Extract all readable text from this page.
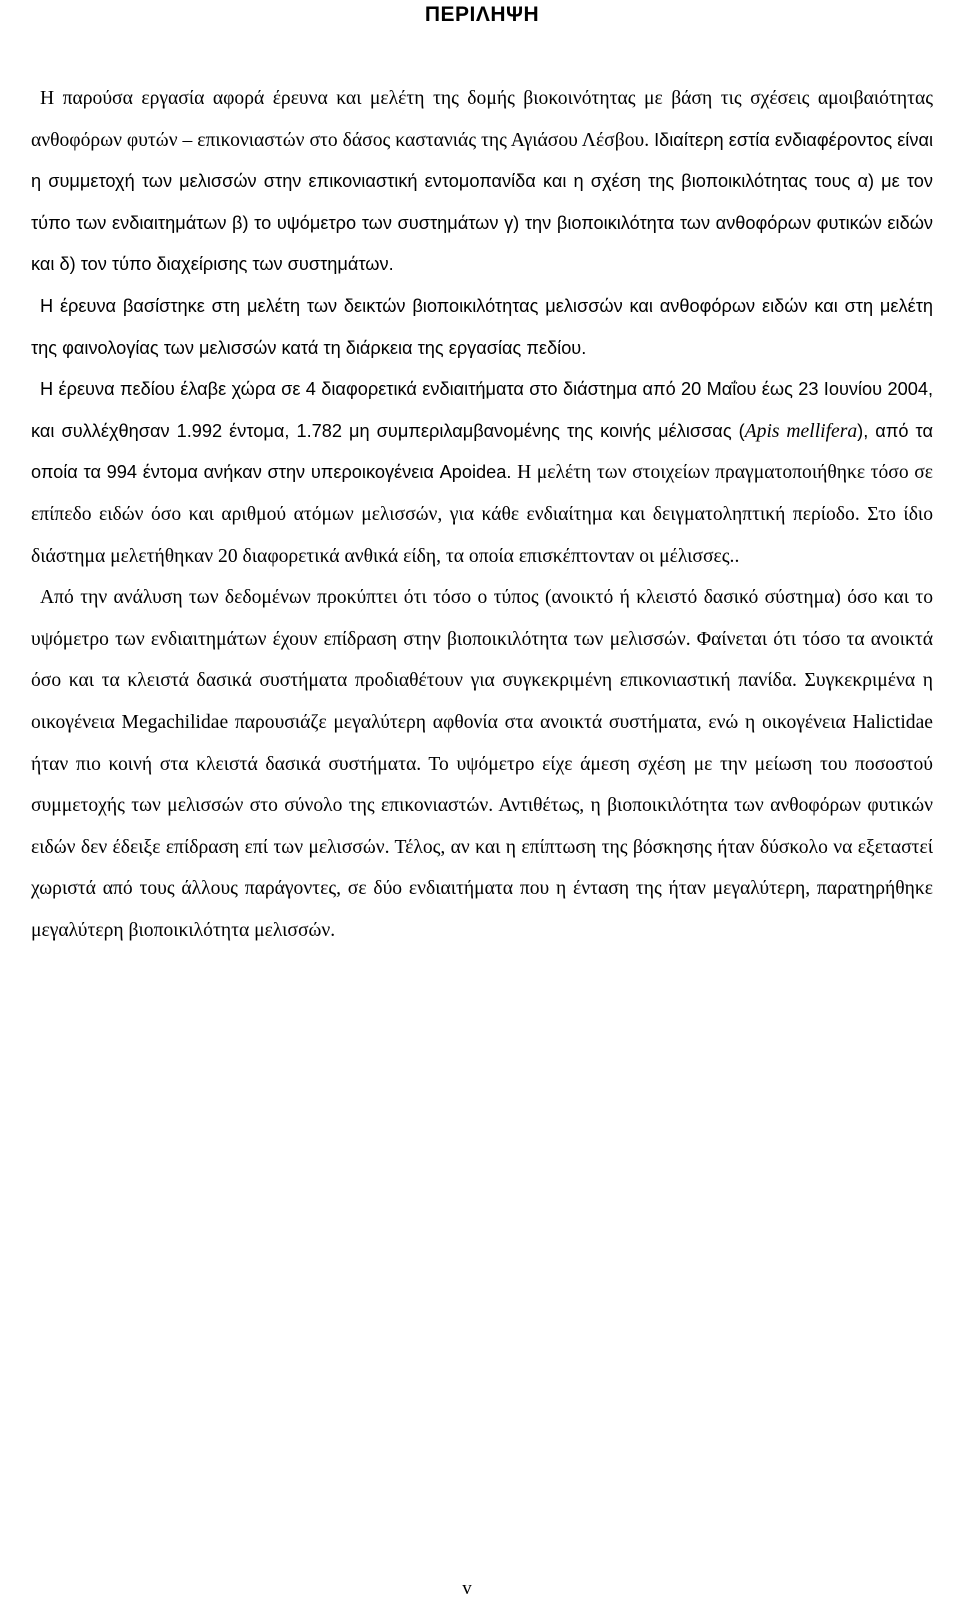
ΠΕΡΙΛΗΨΗ

Η παρούσα εργασία αφορά έρευνα και μελέτη της δομής βιοκοινότητας με βάση τις σχέσεις αμοιβαιότητας ανθοφόρων φυτών – επικονιαστών στο δάσος καστανιάς της Αγιάσου Λέσβου. Ιδιαίτερη εστία ενδιαφέροντος είναι η συμμετοχή των μελισσών στην επικονιαστική εντομοπανίδα και η σχέση της βιοποικιλότητας τους α) με τον τύπο των ενδιαιτημάτων β) το υψόμετρο των συστημάτων γ) την βιοποικιλότητα των ανθοφόρων φυτικών ειδών και δ) τον τύπο διαχείρισης των συστημάτων.

Η έρευνα βασίστηκε στη μελέτη των δεικτών βιοποικιλότητας μελισσών και ανθοφόρων ειδών και στη μελέτη της φαινολογίας των μελισσών κατά τη διάρκεια της εργασίας πεδίου.

Η έρευνα πεδίου έλαβε χώρα σε 4 διαφορετικά ενδιαιτήματα στο διάστημα από 20 Μαΐου έως 23 Ιουνίου 2004, και συλλέχθησαν 1.992 έντομα, 1.782 μη συμπεριλαμβανομένης της κοινής μέλισσας (Apis mellifera), από τα οποία τα 994 έντομα ανήκαν στην υπεροικογένεια Apoidea. Η μελέτη των στοιχείων πραγματοποιήθηκε τόσο σε επίπεδο ειδών όσο και αριθμού ατόμων μελισσών, για κάθε ενδιαίτημα και δειγματοληπτική περίοδο. Στο ίδιο διάστημα μελετήθηκαν 20 διαφορετικά ανθικά είδη, τα οποία επισκέπτονταν οι μέλισσες..

Από την ανάλυση των δεδομένων προκύπτει ότι τόσο ο τύπος (ανοικτό ή κλειστό δασικό σύστημα) όσο και το υψόμετρο των ενδιαιτημάτων έχουν επίδραση στην βιοποικιλότητα των μελισσών. Φαίνεται ότι τόσο τα ανοικτά όσο και τα κλειστά δασικά συστήματα προδιαθέτουν για συγκεκριμένη επικονιαστική πανίδα. Συγκεκριμένα η οικογένεια Megachilidae παρουσιάζε μεγαλύτερη αφθονία στα ανοικτά συστήματα, ενώ η οικογένεια Halictidae ήταν πιο κοινή στα κλειστά δασικά συστήματα. Το υψόμετρο είχε άμεση σχέση με την μείωση του ποσοστού συμμετοχής των μελισσών στο σύνολο της επικονιαστών. Αντιθέτως, η βιοποικιλότητα των ανθοφόρων φυτικών ειδών δεν έδειξε επίδραση επί των μελισσών. Τέλος, αν και η επίπτωση της βόσκησης ήταν δύσκολο να εξεταστεί χωριστά από τους άλλους παράγοντες, σε δύο ενδιαιτήματα που η ένταση της ήταν μεγαλύτερη, παρατηρήθηκε μεγαλύτερη βιοποικιλότητα μελισσών.

v
